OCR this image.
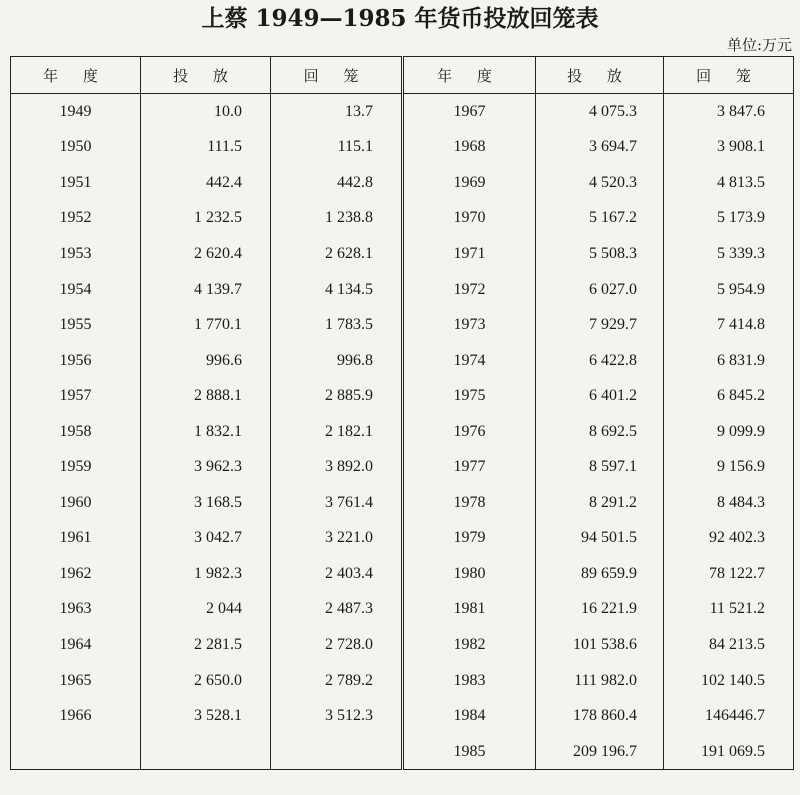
上蔡 1949—1985 年货币投放回笼表
单位:万元
年 度	投 放	回 笼	年 度	投 放	回 笼
1949	10.0	13.7	1967	4 075.3	3 847.6
1950	111.5	115.1	1968	3 694.7	3 908.1
1951	442.4	442.8	1969	4 520.3	4 813.5
1952	1 232.5	1 238.8	1970	5 167.2	5 173.9
1953	2 620.4	2 628.1	1971	5 508.3	5 339.3
1954	4 139.7	4 134.5	1972	6 027.0	5 954.9
1955	1 770.1	1 783.5	1973	7 929.7	7 414.8
1956	996.6	996.8	1974	6 422.8	6 831.9
1957	2 888.1	2 885.9	1975	6 401.2	6 845.2
1958	1 832.1	2 182.1	1976	8 692.5	9 099.9
1959	3 962.3	3 892.0	1977	8 597.1	9 156.9
1960	3 168.5	3 761.4	1978	8 291.2	8 484.3
1961	3 042.7	3 221.0	1979	94 501.5	92 402.3
1962	1 982.3	2 403.4	1980	89 659.9	78 122.7
1963	2 044	2 487.3	1981	16 221.9	11 521.2
1964	2 281.5	2 728.0	1982	101 538.6	84 213.5
1965	2 650.0	2 789.2	1983	111 982.0	102 140.5
1966	3 528.1	3 512.3	1984	178 860.4	146446.7
			1985	209 196.7	191 069.5
